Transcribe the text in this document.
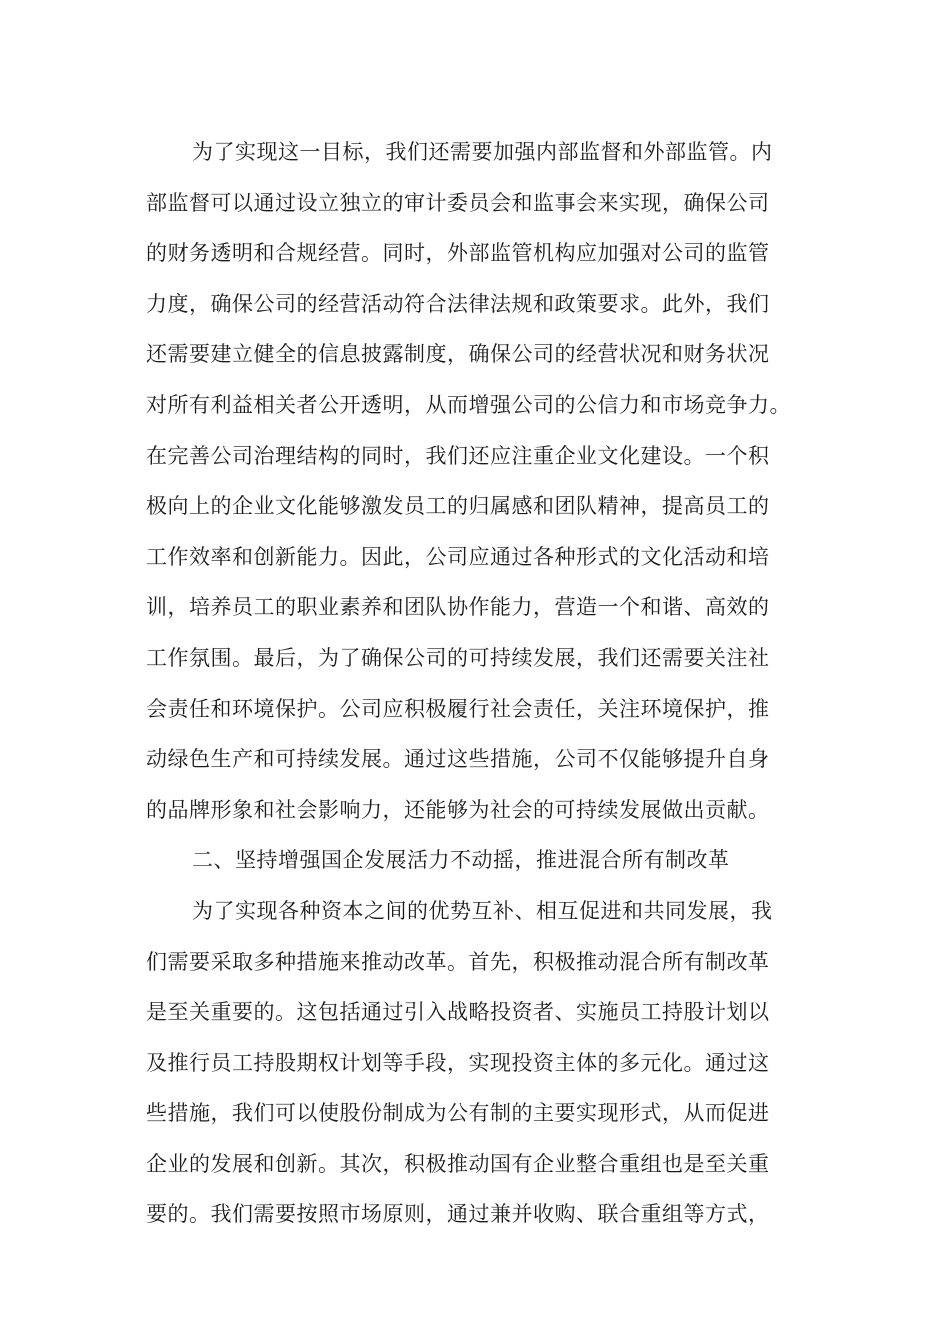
为了实现这一目标，我们还需要加强内部监督和外部监管。内
部监督可以通过设立独立的审计委员会和监事会来实现，确保公司
的财务透明和合规经营。同时，外部监管机构应加强对公司的监管
力度，确保公司的经营活动符合法律法规和政策要求。此外，我们
还需要建立健全的信息披露制度，确保公司的经营状况和财务状况
对所有利益相关者公开透明，从而增强公司的公信力和市场竞争力。
在完善公司治理结构的同时，我们还应注重企业文化建设。一个积
极向上的企业文化能够激发员工的归属感和团队精神，提高员工的
工作效率和创新能力。因此，公司应通过各种形式的文化活动和培
训，培养员工的职业素养和团队协作能力，营造一个和谐、高效的
工作氛围。最后，为了确保公司的可持续发展，我们还需要关注社
会责任和环境保护。公司应积极履行社会责任，关注环境保护，推
动绿色生产和可持续发展。通过这些措施，公司不仅能够提升自身
的品牌形象和社会影响力，还能够为社会的可持续发展做出贡献。
二、坚持增强国企发展活力不动摇，推进混合所有制改革
为了实现各种资本之间的优势互补、相互促进和共同发展，我
们需要采取多种措施来推动改革。首先，积极推动混合所有制改革
是至关重要的。这包括通过引入战略投资者、实施员工持股计划以
及推行员工持股期权计划等手段，实现投资主体的多元化。通过这
些措施，我们可以使股份制成为公有制的主要实现形式，从而促进
企业的发展和创新。其次，积极推动国有企业整合重组也是至关重
要的。我们需要按照市场原则，通过兼并收购、联合重组等方式，
